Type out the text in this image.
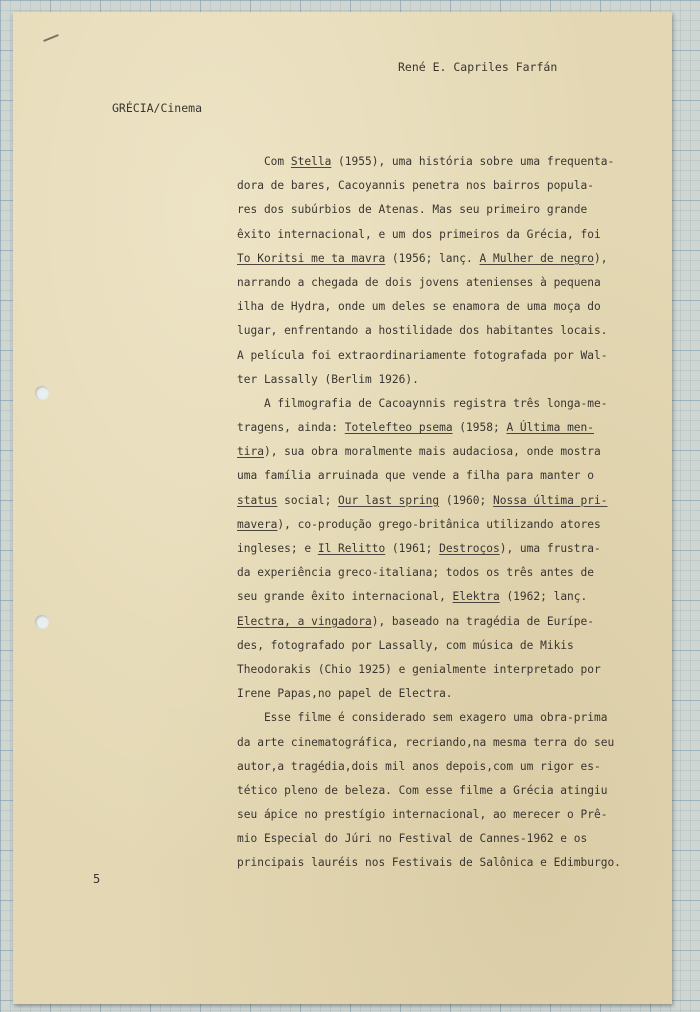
René E. Capriles Farfán
GRÉCIA/Cinema
Com Stella (1955), uma história sobre uma frequenta-
dora de bares, Cacoyannis penetra nos bairros popula-
res dos subúrbios de Atenas. Mas seu primeiro grande
êxito internacional, e um dos primeiros da Grécia, foi
To Koritsi me ta mavra (1956; lanç. A Mulher de negro),
narrando a chegada de dois jovens atenienses à pequena
ilha de Hydra, onde um deles se enamora de uma moça do
lugar, enfrentando a hostilidade dos habitantes locais.
A película foi extraordinariamente fotografada por Wal-
ter Lassally (Berlim 1926).
A filmografia de Cacoaynnis registra três longa-me-
tragens, ainda: Totelefteo psema (1958; A Última men-
tira), sua obra moralmente mais audaciosa, onde mostra
uma família arruinada que vende a filha para manter o
status social; Our last spring (1960; Nossa última pri-
mavera), co-produção grego-britânica utilizando atores
ingleses; e Il Relitto (1961; Destroços), uma frustra-
da experiência greco-italiana; todos os três antes de
seu grande êxito internacional, Elektra (1962; lanç.
Electra, a vingadora), baseado na tragédia de Eurípe-
des, fotografado por Lassally, com música de Mikis
Theodorakis (Chio 1925) e genialmente interpretado por
Irene Papas,no papel de Electra.
Esse filme é considerado sem exagero uma obra-prima
da arte cinematográfica, recriando,na mesma terra do seu
autor,a tragédia,dois mil anos depois,com um rigor es-
tético pleno de beleza. Com esse filme a Grécia atingiu
seu ápice no prestígio internacional, ao merecer o Prê-
mio Especial do Júri no Festival de Cannes-1962 e os
principais lauréis nos Festivais de Salônica e Edimburgo.
5
